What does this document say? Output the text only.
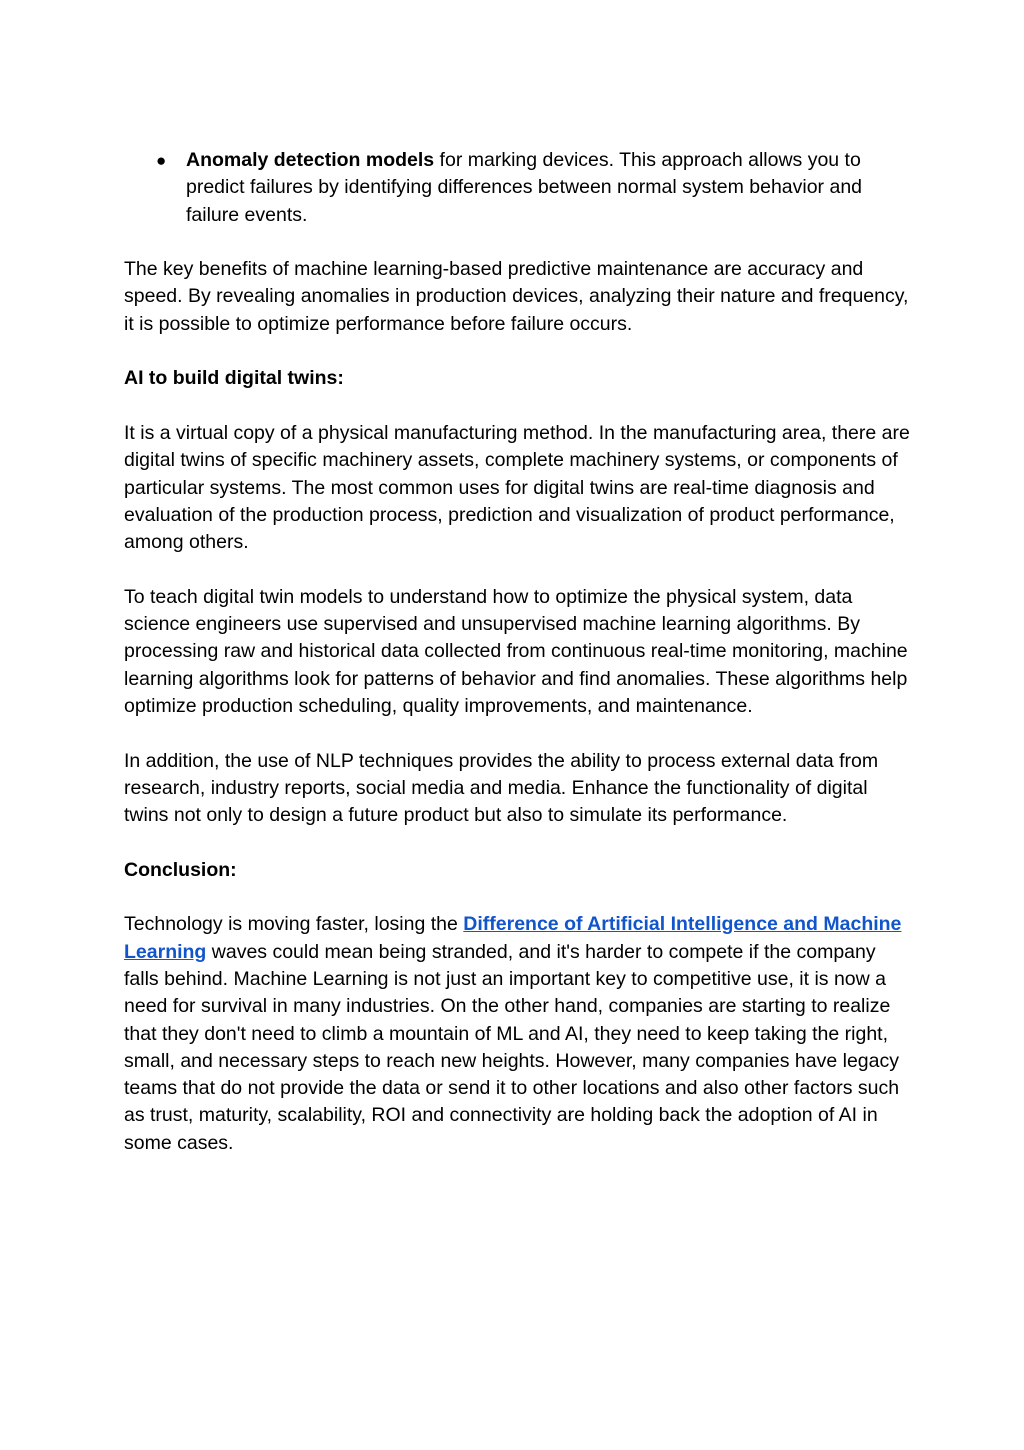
● Anomaly detection models for marking devices. This approach allows you to predict failures by identifying differences between normal system behavior and failure events.

The key benefits of machine learning-based predictive maintenance are accuracy and speed. By revealing anomalies in production devices, analyzing their nature and frequency, it is possible to optimize performance before failure occurs.

AI to build digital twins:

It is a virtual copy of a physical manufacturing method. In the manufacturing area, there are digital twins of specific machinery assets, complete machinery systems, or components of particular systems. The most common uses for digital twins are real-time diagnosis and evaluation of the production process, prediction and visualization of product performance, among others.

To teach digital twin models to understand how to optimize the physical system, data science engineers use supervised and unsupervised machine learning algorithms. By processing raw and historical data collected from continuous real-time monitoring, machine learning algorithms look for patterns of behavior and find anomalies. These algorithms help optimize production scheduling, quality improvements, and maintenance.

In addition, the use of NLP techniques provides the ability to process external data from research, industry reports, social media and media. Enhance the functionality of digital twins not only to design a future product but also to simulate its performance.

Conclusion:

Technology is moving faster, losing the Difference of Artificial Intelligence and Machine Learning waves could mean being stranded, and it's harder to compete if the company falls behind. Machine Learning is not just an important key to competitive use, it is now a need for survival in many industries. On the other hand, companies are starting to realize that they don't need to climb a mountain of ML and AI, they need to keep taking the right, small, and necessary steps to reach new heights. However, many companies have legacy teams that do not provide the data or send it to other locations and also other factors such as trust, maturity, scalability, ROI and connectivity are holding back the adoption of AI in some cases.
